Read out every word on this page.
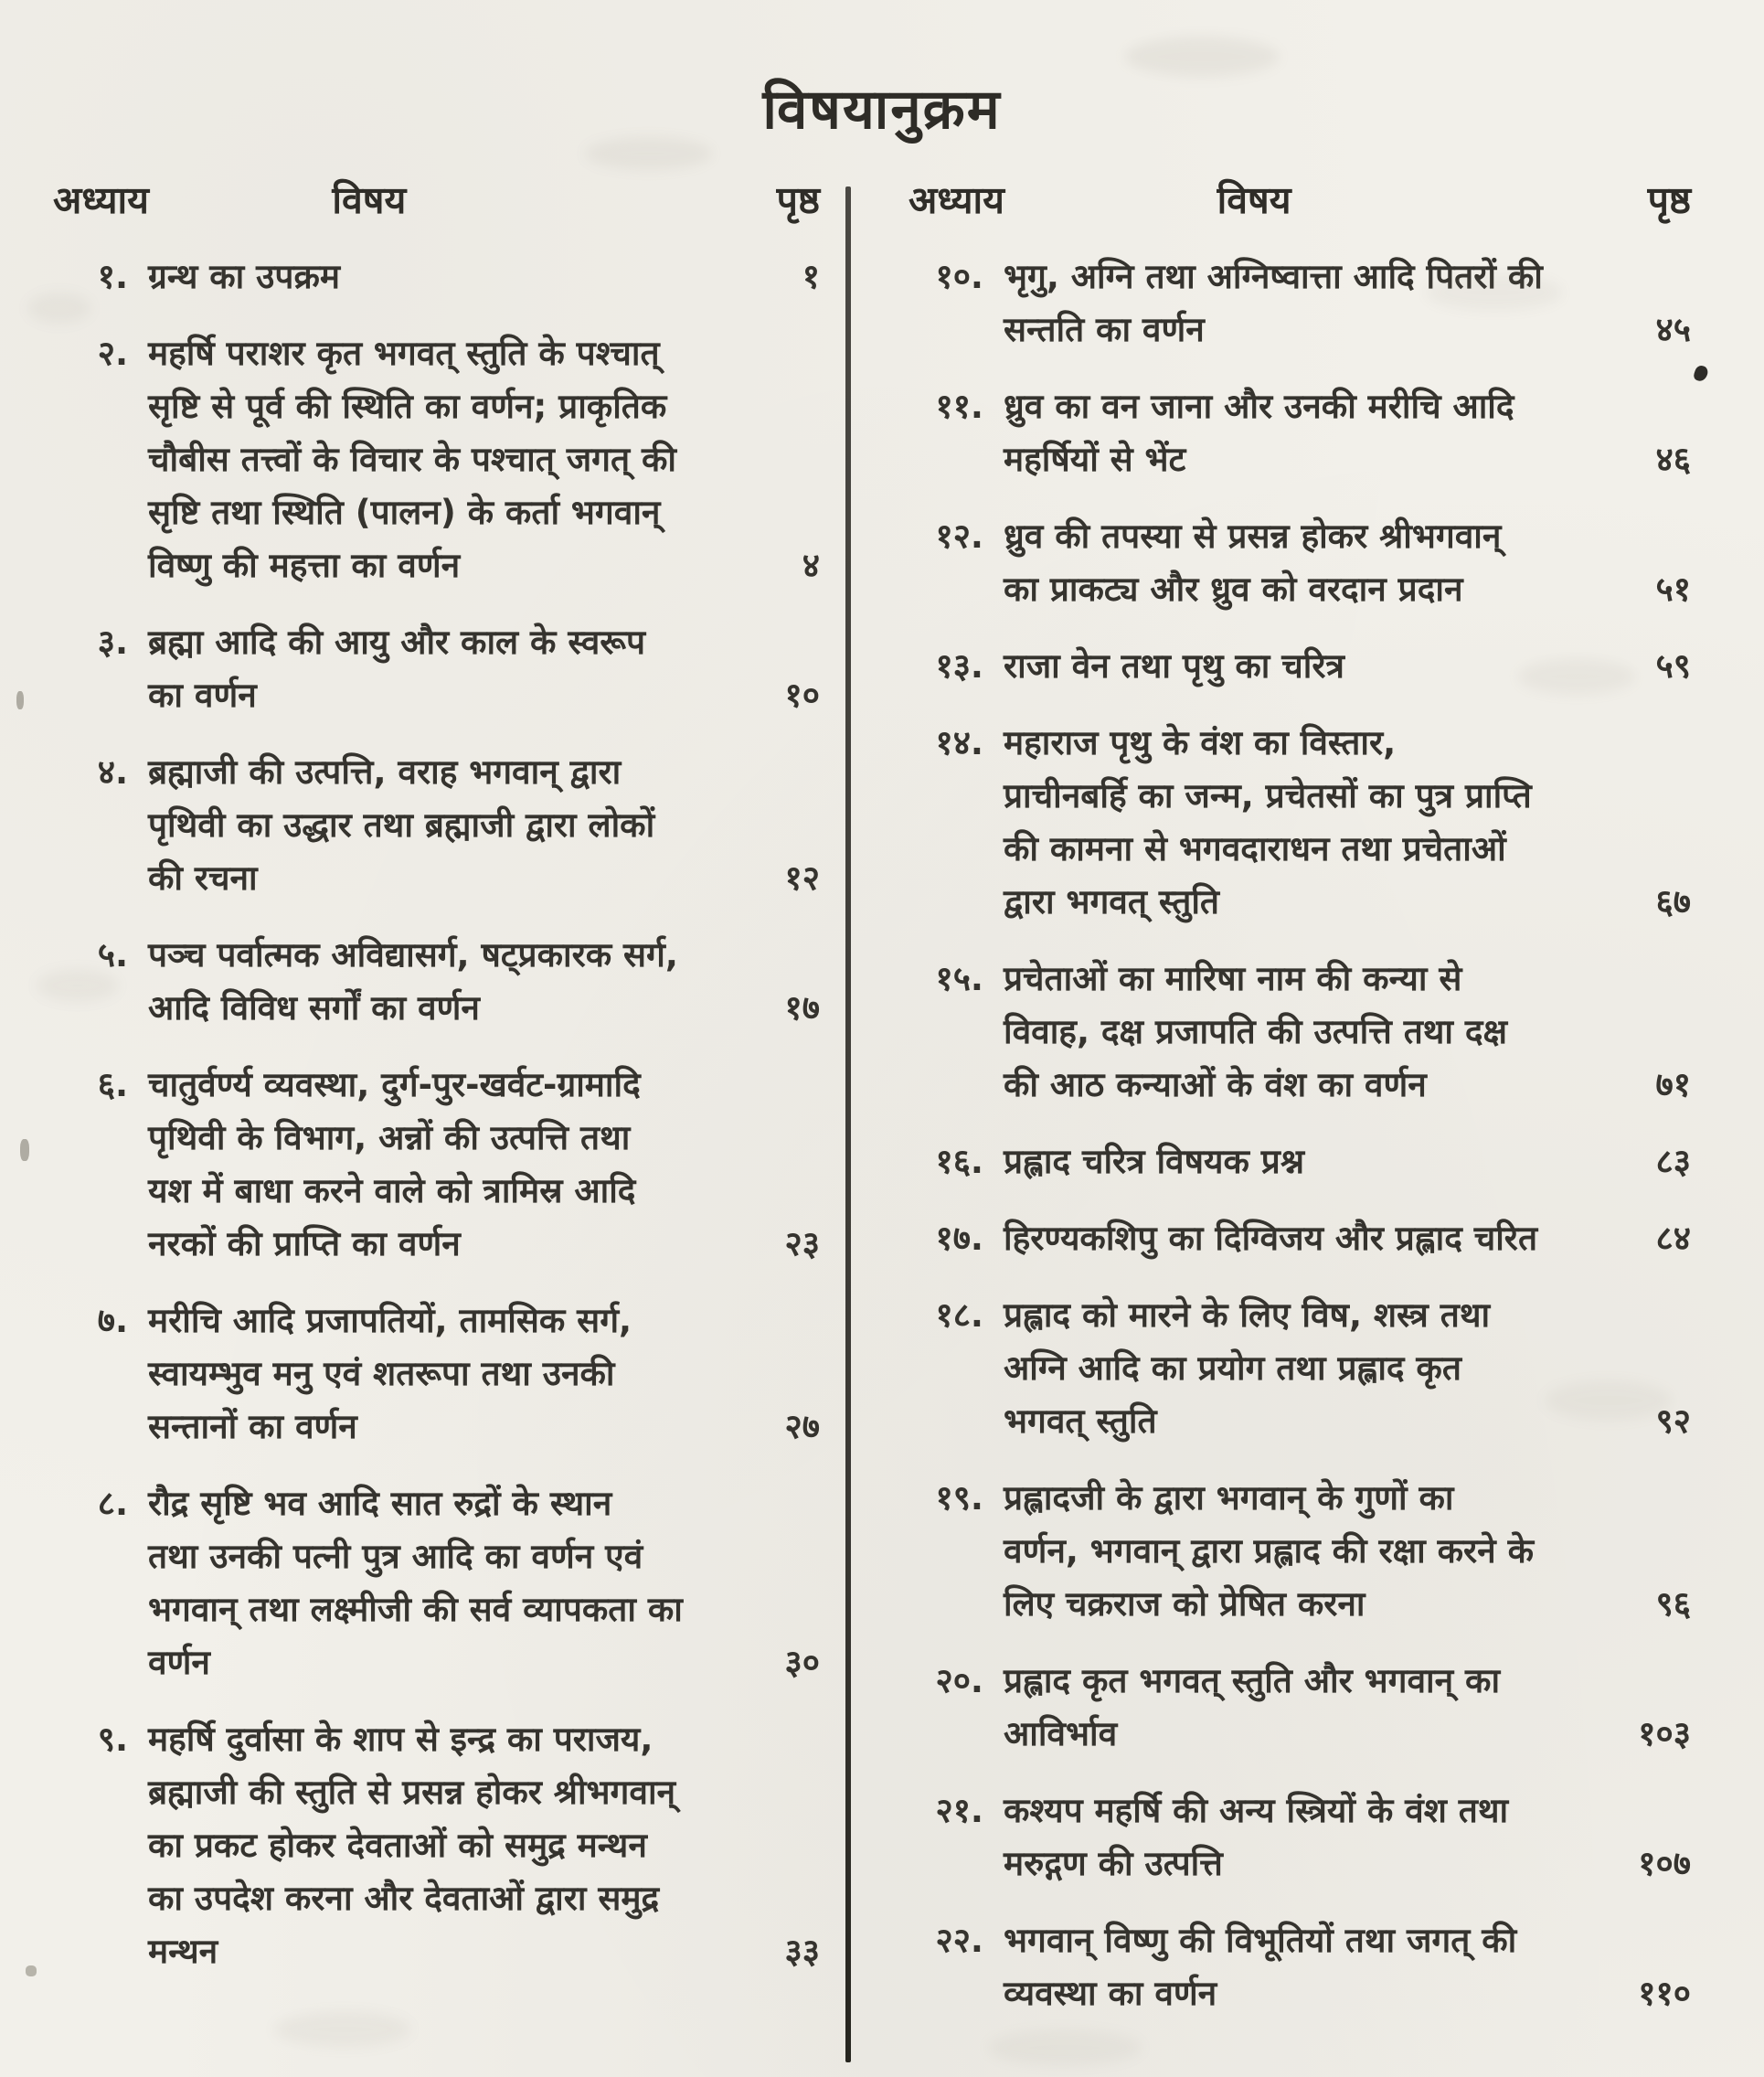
विषयानुक्रम
अध्याय	विषय	पृष्ठ
१. ग्रन्थ का उपक्रम	१
२. महर्षि पराशर कृत भगवत् स्तुति के पश्चात्
सृष्टि से पूर्व की स्थिति का वर्णन; प्राकृतिक
चौबीस तत्त्वों के विचार के पश्चात् जगत् की
सृष्टि तथा स्थिति (पालन) के कर्ता भगवान्
विष्णु की महत्ता का वर्णन	४
३. ब्रह्मा आदि की आयु और काल के स्वरूप
का वर्णन	१०
४. ब्रह्माजी की उत्पत्ति, वराह भगवान् द्वारा
पृथिवी का उद्धार तथा ब्रह्माजी द्वारा लोकों
की रचना	१२
५. पञ्च पर्वात्मक अविद्यासर्ग, षट्प्रकारक सर्ग,
आदि विविध सर्गों का वर्णन	१७
६. चातुर्वर्ण्य व्यवस्था, दुर्ग-पुर-खर्वट-ग्रामादि
पृथिवी के विभाग, अन्नों की उत्पत्ति तथा
यश में बाधा करने वाले को त्रामिस्र आदि
नरकों की प्राप्ति का वर्णन	२३
७. मरीचि आदि प्रजापतियों, तामसिक सर्ग,
स्वायम्भुव मनु एवं शतरूपा तथा उनकी
सन्तानों का वर्णन	२७
८. रौद्र सृष्टि भव आदि सात रुद्रों के स्थान
तथा उनकी पत्नी पुत्र आदि का वर्णन एवं
भगवान् तथा लक्ष्मीजी की सर्व व्यापकता का
वर्णन	३०
९. महर्षि दुर्वासा के शाप से इन्द्र का पराजय,
ब्रह्माजी की स्तुति से प्रसन्न होकर श्रीभगवान्
का प्रकट होकर देवताओं को समुद्र मन्थन
का उपदेश करना और देवताओं द्वारा समुद्र
मन्थन	३३
अध्याय	विषय	पृष्ठ
१०. भृगु, अग्नि तथा अग्निष्वात्ता आदि पितरों की
सन्तति का वर्णन	४५
११. ध्रुव का वन जाना और उनकी मरीचि आदि
महर्षियों से भेंट	४६
१२. ध्रुव की तपस्या से प्रसन्न होकर श्रीभगवान्
का प्राकट्य और ध्रुव को वरदान प्रदान	५१
१३. राजा वेन तथा पृथु का चरित्र	५९
१४. महाराज पृथु के वंश का विस्तार,
प्राचीनबर्हि का जन्म, प्रचेतसों का पुत्र प्राप्ति
की कामना से भगवदाराधन तथा प्रचेताओं
द्वारा भगवत् स्तुति	६७
१५. प्रचेताओं का मारिषा नाम की कन्या से
विवाह, दक्ष प्रजापति की उत्पत्ति तथा दक्ष
की आठ कन्याओं के वंश का वर्णन	७१
१६. प्रह्लाद चरित्र विषयक प्रश्न	८३
१७. हिरण्यकशिपु का दिग्विजय और प्रह्लाद चरित	८४
१८. प्रह्लाद को मारने के लिए विष, शस्त्र तथा
अग्नि आदि का प्रयोग तथा प्रह्लाद कृत
भगवत् स्तुति	९२
१९. प्रह्लादजी के द्वारा भगवान् के गुणों का
वर्णन, भगवान् द्वारा प्रह्लाद की रक्षा करने के
लिए चक्रराज को प्रेषित करना	९६
२०. प्रह्लाद कृत भगवत् स्तुति और भगवान् का
आविर्भाव	१०३
२१. कश्यप महर्षि की अन्य स्त्रियों के वंश तथा
मरुद्गण की उत्पत्ति	१०७
२२. भगवान् विष्णु की विभूतियों तथा जगत् की
व्यवस्था का वर्णन	११०
